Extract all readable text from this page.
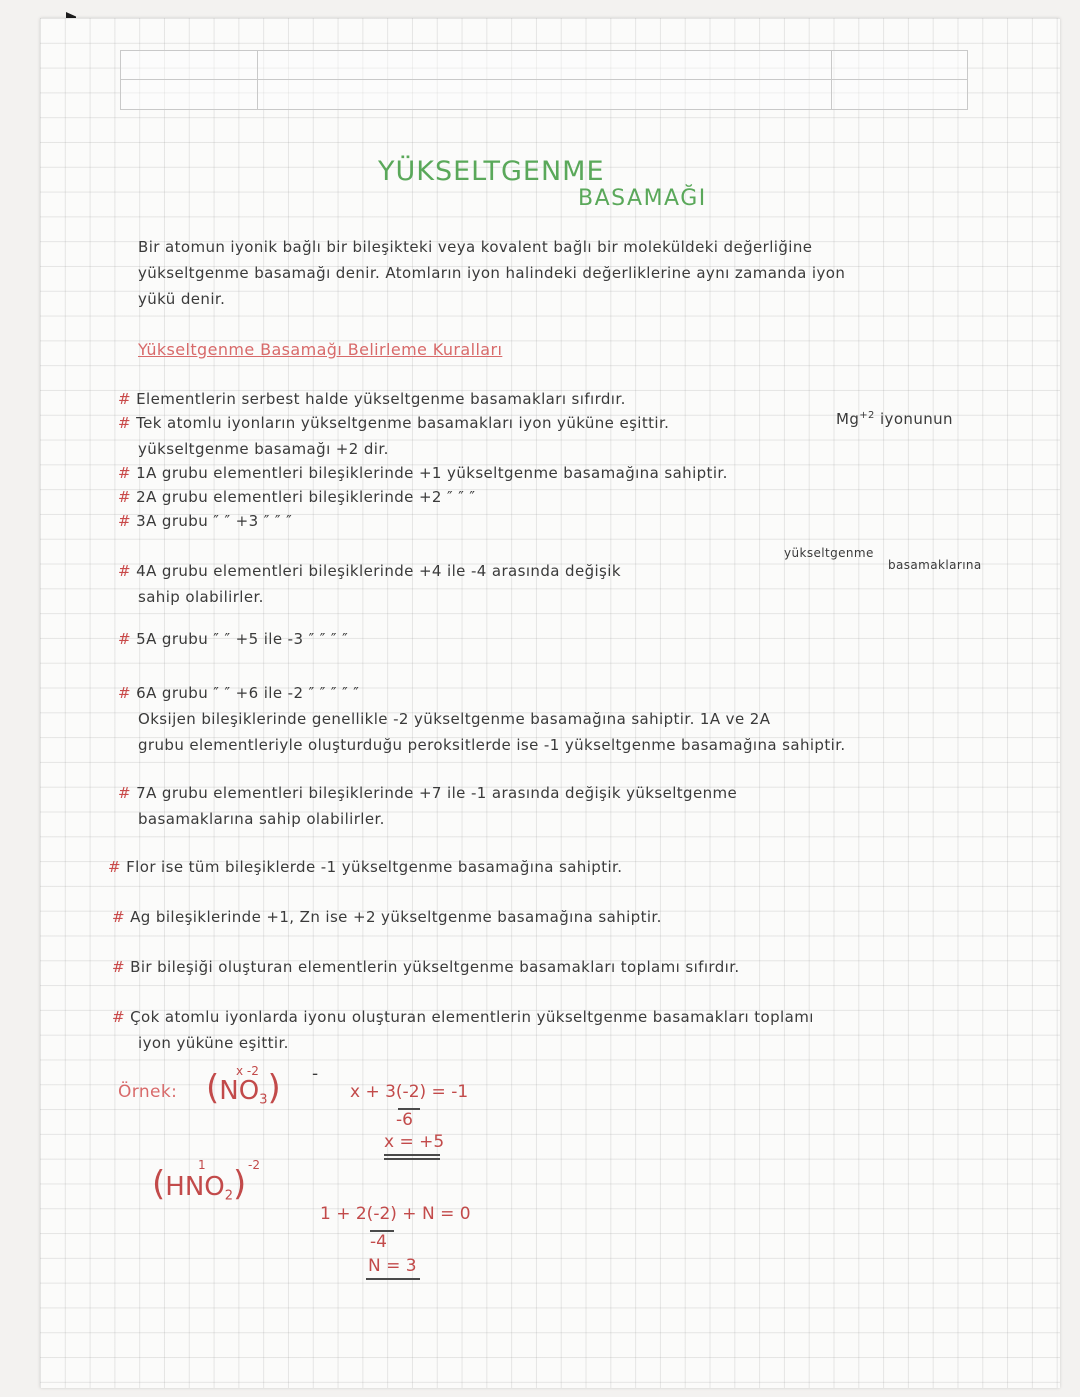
YÜKSELTGENME
BASAMAĞI
Bir atomun iyonik bağlı bir bileşikteki veya kovalent bağlı bir moleküldeki değerliğine
yükseltgenme basamağı denir. Atomların iyon halindeki değerliklerine aynı zamanda iyon
yükü denir.
Yükseltgenme Basamağı Belirleme Kuralları
# Elementlerin serbest halde yükseltgenme basamakları sıfırdır.
# Tek atomlu iyonların yükseltgenme basamakları iyon yüküne eşittir.	$Mg^{+2}$ iyonunun
yükseltgenme basamağı +2 dir.
# 1A grubu elementleri bileşiklerinde +1 yükseltgenme basamağına sahiptir.
# 2A grubu elementleri bileşiklerinde +2 ″ ″ ″
# 3A grubu ″ ″ +3 ″ ″ ″
# 4A grubu elementleri bileşiklerinde +4 ile -4 arasında değişik
yükseltgenme
basamaklarına
sahip olabilirler.
# 5A grubu ″ ″ +5 ile -3 ″ ″ ″ ″
# 6A grubu ″ ″ +6 ile -2 ″ ″ ″ ″ ″
Oksijen bileşiklerinde genellikle -2 yükseltgenme basamağına sahiptir. 1A ve 2A
grubu elementleriyle oluşturduğu peroksitlerde ise -1 yükseltgenme basamağına sahiptir.
# 7A grubu elementleri bileşiklerinde +7 ile -1 arasında değişik yükseltgenme
basamaklarına sahip olabilirler.
# Flor ise tüm bileşiklerde -1 yükseltgenme basamağına sahiptir.
# Ag bileşiklerinde +1, Zn ise +2 yükseltgenme basamağına sahiptir.
# Bir bileşiği oluşturan elementlerin yükseltgenme basamakları toplamı sıfırdır.
# Çok atomlu iyonlarda iyonu oluşturan elementlerin yükseltgenme basamakları toplamı
iyon yüküne eşittir.
Örnek:
x -2
$(NO_3)$ -
x + 3(-2) = -1
-6
x = +5
1	-2
$(HNO_2)$
1 + 2(-2) + N = 0
-4
N = 3
